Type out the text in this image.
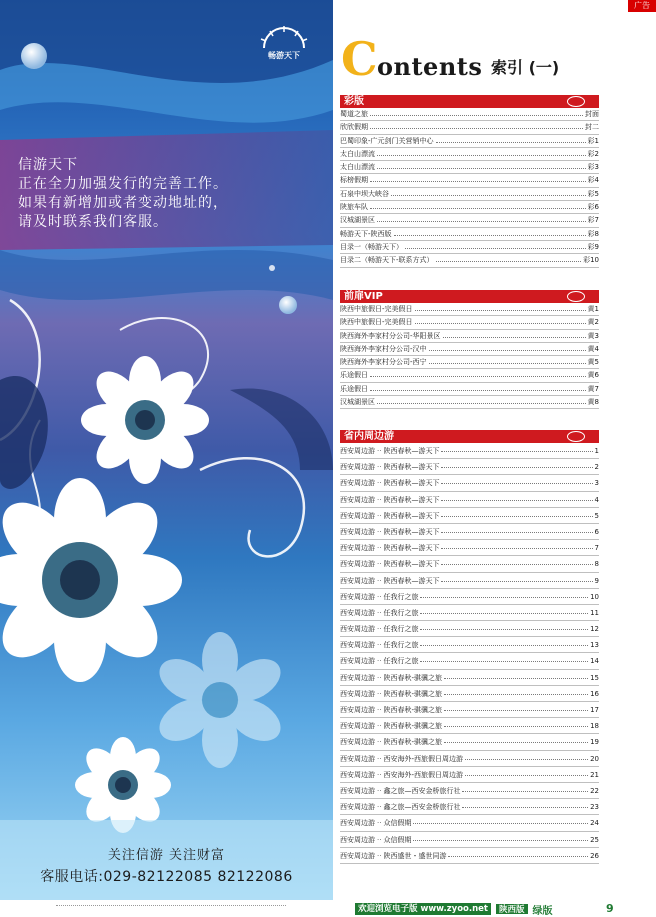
畅游天下
信游天下
正在全力加强发行的完善工作。
如果有新增加或者变动地址的，
请及时联系我们客服。
关注信游 关注财富
客服电话:029-82122085 82122086
广告
C ontents 索引 (一)
彩版
蜀道之旅	封面
欣欣假期	封二
巴蜀印象-广元剑门关营销中心	彩1
太白山漂流	彩2
太白山漂流	彩3
标榜假期	彩4
石泉中坝大峡谷	彩5
陕旅车队	彩6
汉城湖景区	彩7
畅游天下-陕西版	彩8
目录一（畅游天下）	彩9
目录二（畅游天下-联系方式）	彩10
前扉VIP
陕西中旅假日-完美假日	黄1
陕西中旅假日-完美假日	黄2
陕西海外李家村分公司-华阳景区	黄3
陕西海外李家村分公司-汉中	黄4
陕西海外李家村分公司-西宁	黄5
乐途假日	黄6
乐途假日	黄7
汉城湖景区	黄8
省内周边游
西安周边游 ·· 陕西春秋—游天下	1
西安周边游 ·· 陕西春秋—游天下	2
西安周边游 ·· 陕西春秋—游天下	3
西安周边游 ·· 陕西春秋—游天下	4
西安周边游 ·· 陕西春秋—游天下	5
西安周边游 ·· 陕西春秋—游天下	6
西安周边游 ·· 陕西春秋—游天下	7
西安周边游 ·· 陕西春秋—游天下	8
西安周边游 ·· 陕西春秋—游天下	9
西安周边游 ·· 任我行之旅	10
西安周边游 ·· 任我行之旅	11
西安周边游 ·· 任我行之旅	12
西安周边游 ·· 任我行之旅	13
西安周边游 ·· 任我行之旅	14
西安周边游 ·· 陕西春秋-骐骥之旅	15
西安周边游 ·· 陕西春秋-骐骥之旅	16
西安周边游 ·· 陕西春秋-骐骥之旅	17
西安周边游 ·· 陕西春秋-骐骥之旅	18
西安周边游 ·· 陕西春秋-骐骥之旅	19
西安周边游 ·· 西安海外-西旅假日周边游	20
西安周边游 ·· 西安海外-西旅假日周边游	21
西安周边游 ·· 鑫之旅—西安金桥旅行社	22
西安周边游 ·· 鑫之旅—西安金桥旅行社	23
西安周边游 ·· 众信假期	24
西安周边游 ·· 众信假期	25
西安周边游 ·· 陕西盛世・盛世同游	26
欢迎浏览电子版 www.zyoo.net	陕西版 绿版	9
